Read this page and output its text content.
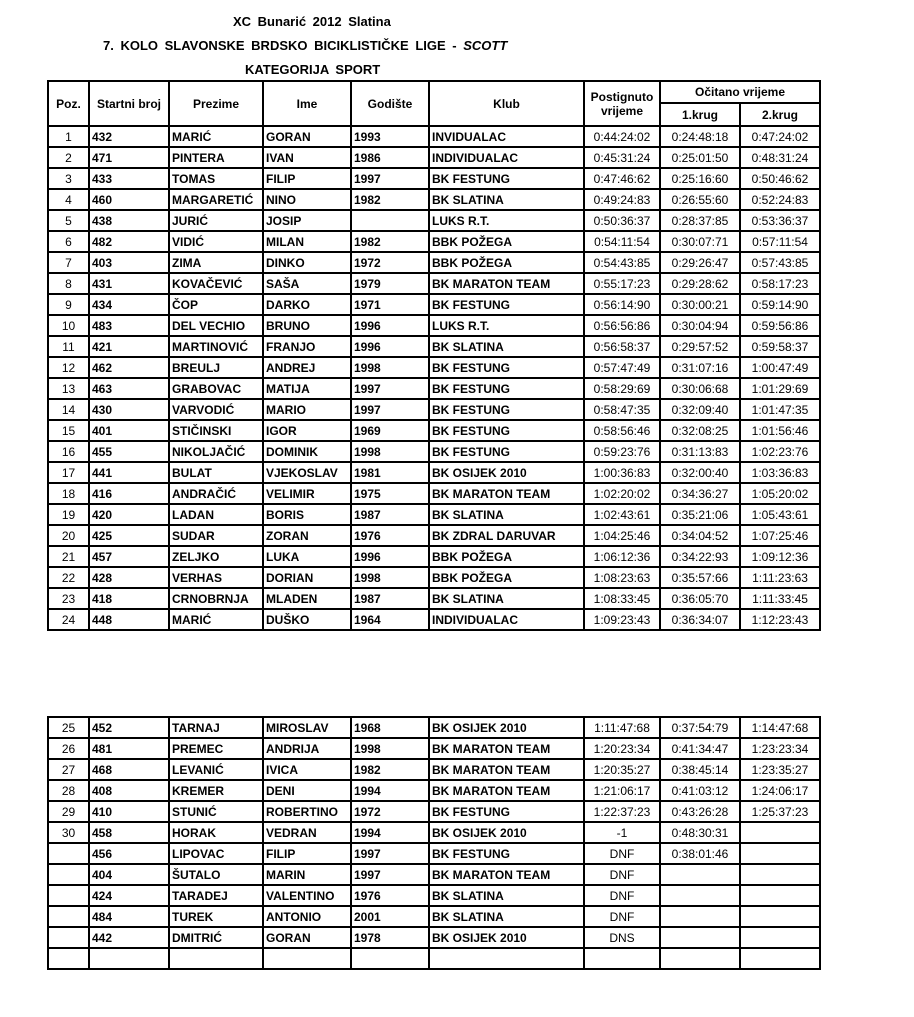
XC Bunarić 2012 Slatina
7. KOLO SLAVONSKE BRDSKO BICIKLISTIČKE LIGE - SCOTT
KATEGORIJA SPORT
Poz.	Startni broj	Prezime	Ime	Godište	Klub	Postignuto
vrijeme	Očitano vrijeme	
							1.krug	2.krug
1	432	MARIĆ	GORAN	1993	INVIDUALAC	0:44:24:02	0:24:48:18	0:47:24:02
2	471	PINTERA	IVAN	1986	INDIVIDUALAC	0:45:31:24	0:25:01:50	0:48:31:24
3	433	TOMAS	FILIP	1997	BK FESTUNG	0:47:46:62	0:25:16:60	0:50:46:62
4	460	MARGARETIĆ	NINO	1982	BK SLATINA	0:49:24:83	0:26:55:60	0:52:24:83
5	438	JURIĆ	JOSIP		LUKS R.T.	0:50:36:37	0:28:37:85	0:53:36:37
6	482	VIDIĆ	MILAN	1982	BBK POŽEGA	0:54:11:54	0:30:07:71	0:57:11:54
7	403	ZIMA	DINKO	1972	BBK POŽEGA	0:54:43:85	0:29:26:47	0:57:43:85
8	431	KOVAČEVIĆ	SAŠA	1979	BK MARATON TEAM	0:55:17:23	0:29:28:62	0:58:17:23
9	434	ČOP	DARKO	1971	BK FESTUNG	0:56:14:90	0:30:00:21	0:59:14:90
10	483	DEL VECHIO	BRUNO	1996	LUKS R.T.	0:56:56:86	0:30:04:94	0:59:56:86
11	421	MARTINOVIĆ	FRANJO	1996	BK SLATINA	0:56:58:37	0:29:57:52	0:59:58:37
12	462	BREULJ	ANDREJ	1998	BK FESTUNG	0:57:47:49	0:31:07:16	1:00:47:49
13	463	GRABOVAC	MATIJA	1997	BK FESTUNG	0:58:29:69	0:30:06:68	1:01:29:69
14	430	VARVODIĆ	MARIO	1997	BK FESTUNG	0:58:47:35	0:32:09:40	1:01:47:35
15	401	STIČINSKI	IGOR	1969	BK FESTUNG	0:58:56:46	0:32:08:25	1:01:56:46
16	455	NIKOLJAČIĆ	DOMINIK	1998	BK FESTUNG	0:59:23:76	0:31:13:83	1:02:23:76
17	441	BULAT	VJEKOSLAV	1981	BK OSIJEK 2010	1:00:36:83	0:32:00:40	1:03:36:83
18	416	ANDRAČIĆ	VELIMIR	1975	BK MARATON TEAM	1:02:20:02	0:34:36:27	1:05:20:02
19	420	LADAN	BORIS	1987	BK SLATINA	1:02:43:61	0:35:21:06	1:05:43:61
20	425	SUDAR	ZORAN	1976	BK ZDRAL DARUVAR	1:04:25:46	0:34:04:52	1:07:25:46
21	457	ZELJKO	LUKA	1996	BBK POŽEGA	1:06:12:36	0:34:22:93	1:09:12:36
22	428	VERHAS	DORIAN	1998	BBK POŽEGA	1:08:23:63	0:35:57:66	1:11:23:63
23	418	CRNOBRNJA	MLADEN	1987	BK SLATINA	1:08:33:45	0:36:05:70	1:11:33:45
24	448	MARIĆ	DUŠKO	1964	INDIVIDUALAC	1:09:23:43	0:36:34:07	1:12:23:43
25	452	TARNAJ	MIROSLAV	1968	BK OSIJEK 2010	1:11:47:68	0:37:54:79	1:14:47:68
26	481	PREMEC	ANDRIJA	1998	BK MARATON TEAM	1:20:23:34	0:41:34:47	1:23:23:34
27	468	LEVANIĆ	IVICA	1982	BK MARATON TEAM	1:20:35:27	0:38:45:14	1:23:35:27
28	408	KREMER	DENI	1994	BK MARATON TEAM	1:21:06:17	0:41:03:12	1:24:06:17
29	410	STUNIĆ	ROBERTINO	1972	BK FESTUNG	1:22:37:23	0:43:26:28	1:25:37:23
30	458	HORAK	VEDRAN	1994	BK OSIJEK 2010	-1	0:48:30:31	
	456	LIPOVAC	FILIP	1997	BK FESTUNG	DNF	0:38:01:46	
	404	ŠUTALO	MARIN	1997	BK MARATON TEAM	DNF		
	424	TARADEJ	VALENTINO	1976	BK SLATINA	DNF		
	484	TUREK	ANTONIO	2001	BK SLATINA	DNF		
	442	DMITRIĆ	GORAN	1978	BK OSIJEK 2010	DNS		
